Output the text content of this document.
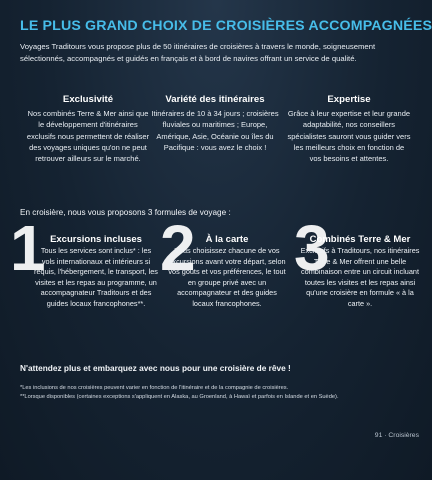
LE PLUS GRAND CHOIX DE CROISIÈRES ACCOMPAGNÉES
Voyages Traditours vous propose plus de 50 itinéraires de croisières à travers le monde, soigneusement sélectionnés, accompagnés et guidés en français et à bord de navires offrant un service de qualité.
Exclusivité
Nos combinés Terre & Mer ainsi que le développement d'itinéraires exclusifs nous permettent de réaliser des voyages uniques qu'on ne peut retrouver ailleurs sur le marché.
Variété des itinéraires
Itinéraires de 10 à 34 jours ; croisières fluviales ou maritimes ; Europe, Amérique, Asie, Océanie ou îles du Pacifique : vous avez le choix !
Expertise
Grâce à leur expertise et leur grande adaptabilité, nos conseillers spécialistes sauront vous guider vers les meilleurs choix en fonction de vos besoins et attentes.
En croisière, nous vous proposons 3 formules de voyage :
1 2 3
Excursions incluses
Tous les services sont inclus* : les vols internationaux et intérieurs si requis, l'hébergement, le transport, les visites et les repas au programme, un accompagnateur Traditours et des guides locaux francophones**.
À la carte
Vous choisissez chacune de vos excursions avant votre départ, selon vos goûts et vos préférences, le tout en groupe privé avec un accompagnateur et des guides locaux francophones.
Combinés Terre & Mer
Exclusifs à Traditours, nos itinéraires Terre & Mer offrent une belle combinaison entre un circuit incluant toutes les visites et les repas ainsi qu'une croisière en formule « à la carte ».
N'attendez plus et embarquez avec nous pour une croisière de rêve !
*Les inclusions de nos croisières peuvent varier en fonction de l'itinéraire et de la compagnie de croisières.
**Lorsque disponibles (certaines exceptions s'appliquent en Alaska, au Groenland, à Hawaï et parfois en Islande et en Suède).
91 · Croisières
